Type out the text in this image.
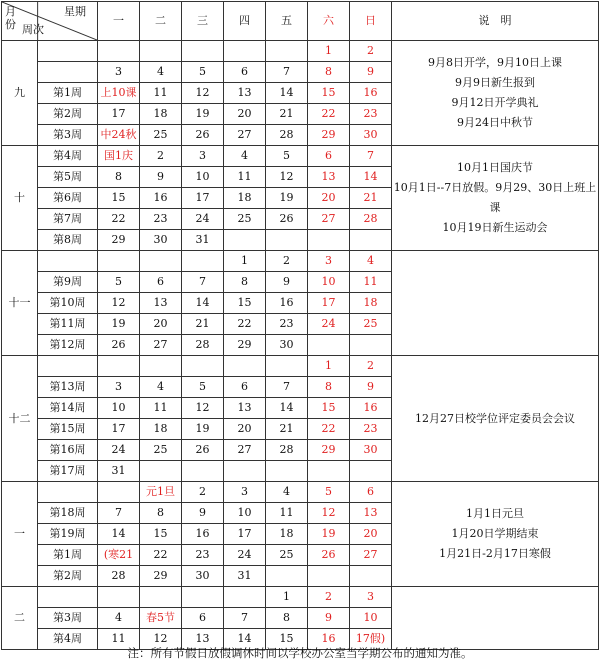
月份
星期
周次		一	二	三	四	五	六	日	说　明
九							1	2	9月8日开学，9月10日上课
9月9日新生报到
9月12日开学典礼
9月24日中秋节

		3	4	5	6	7	8	9	
	第1周	上10课	11	12	13	14	15	16	
	第2周	17	18	19	20	21	22	23	
	第3周	中24秋	25	26	27	28	29	30	
十	第4周	国1庆	2	3	4	5	6	7	10月1日国庆节
10月1日--7日放假。9月29、30日上班上课
10月19日新生运动会

	第5周	8	9	10	11	12	13	14	
	第6周	15	16	17	18	19	20	21	
	第7周	22	23	24	25	26	27	28	
	第8周	29	30	31					
十一					1	2	3	4	
	第9周	5	6	7	8	9	10	11	
	第10周	12	13	14	15	16	17	18	
	第11周	19	20	21	22	23	24	25	
	第12周	26	27	28	29	30			
十二							1	2	12月27日校学位评定委员会会议

	第13周	3	4	5	6	7	8	9	
	第14周	10	11	12	13	14	15	16	
	第15周	17	18	19	20	21	22	23	
	第16周	24	25	26	27	28	29	30	
	第17周	31							
一			元1旦	2	3	4	5	6	1月1日元旦
1月20日学期结束
1月21日-2月17日寒假

	第18周	7	8	9	10	11	12	13	
	第19周	14	15	16	17	18	19	20	
	第1周	(寒21	22	23	24	25	26	27	
	第2周	28	29	30	31				
二						1	2	3	
	第3周	4	春5节	6	7	8	9	10	
	第4周	11	12	13	14	15	16	17假)	
注：所有节假日放假调休时间以学校办公室当学期公布的通知为准。
